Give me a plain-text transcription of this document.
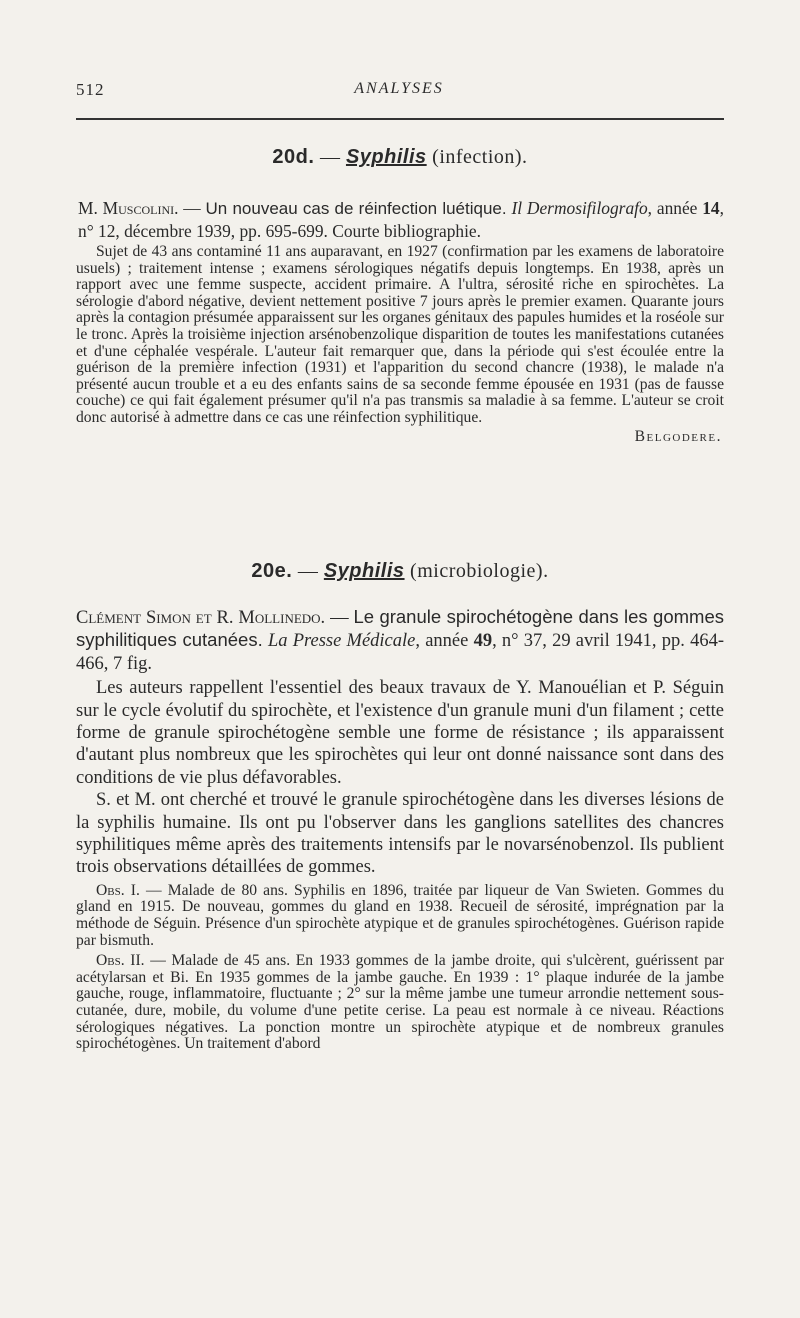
512	ANALYSES
20d. — Syphilis (infection).

M. Muscolini. — Un nouveau cas de réinfection luétique. Il Dermosifilografo, année 14, n° 12, décembre 1939, pp. 695-699. Courte bibliographie.

Sujet de 43 ans contaminé 11 ans auparavant, en 1927 (confirmation par les examens de laboratoire usuels) ; traitement intense ; examens sérologiques négatifs depuis longtemps. En 1938, après un rapport avec une femme suspecte, accident primaire. A l'ultra, sérosité riche en spirochètes. La sérologie d'abord négative, devient nettement positive 7 jours après le premier examen. Quarante jours après la contagion présumée apparaissent sur les organes génitaux des papules humides et la roséole sur le tronc. Après la troisième injection arsénobenzolique disparition de toutes les manifestations cutanées et d'une céphalée vespérale. L'auteur fait remarquer que, dans la période qui s'est écoulée entre la guérison de la première infection (1931) et l'apparition du second chancre (1938), le malade n'a présenté aucun trouble et a eu des enfants sains de sa seconde femme épousée en 1931 (pas de fausse couche) ce qui fait également présumer qu'il n'a pas transmis sa maladie à sa femme. L'auteur se croit donc autorisé à admettre dans ce cas une réinfection syphilitique.

Belgodere.
20e. — Syphilis (microbiologie).

Clément Simon et R. Mollinedo. — Le granule spirochétogène dans les gommes syphilitiques cutanées. La Presse Médicale, année 49, n° 37, 29 avril 1941, pp. 464-466, 7 fig.

Les auteurs rappellent l'essentiel des beaux travaux de Y. Manouélian et P. Séguin sur le cycle évolutif du spirochète, et l'existence d'un granule muni d'un filament ; cette forme de granule spirochétogène semble une forme de résistance ; ils apparaissent d'autant plus nombreux que les spirochètes qui leur ont donné naissance sont dans des conditions de vie plus défavorables.

S. et M. ont cherché et trouvé le granule spirochétogène dans les diverses lésions de la syphilis humaine. Ils ont pu l'observer dans les ganglions satellites des chancres syphilitiques même après des traitements intensifs par le novarsénobenzol. Ils publient trois observations détaillées de gommes.

Obs. I. — Malade de 80 ans. Syphilis en 1896, traitée par liqueur de Van Swieten. Gommes du gland en 1915. De nouveau, gommes du gland en 1938. Recueil de sérosité, imprégnation par la méthode de Séguin. Présence d'un spirochète atypique et de granules spirochétogènes. Guérison rapide par bismuth.

Obs. II. — Malade de 45 ans. En 1933 gommes de la jambe droite, qui s'ulcèrent, guérissent par acétylarsan et Bi. En 1935 gommes de la jambe gauche. En 1939 : 1° plaque indurée de la jambe gauche, rouge, inflammatoire, fluctuante ; 2° sur la même jambe une tumeur arrondie nettement sous-cutanée, dure, mobile, du volume d'une petite cerise. La peau est normale à ce niveau. Réactions sérologiques négatives. La ponction montre un spirochète atypique et de nombreux granules spirochétogènes. Un traitement d'abord
